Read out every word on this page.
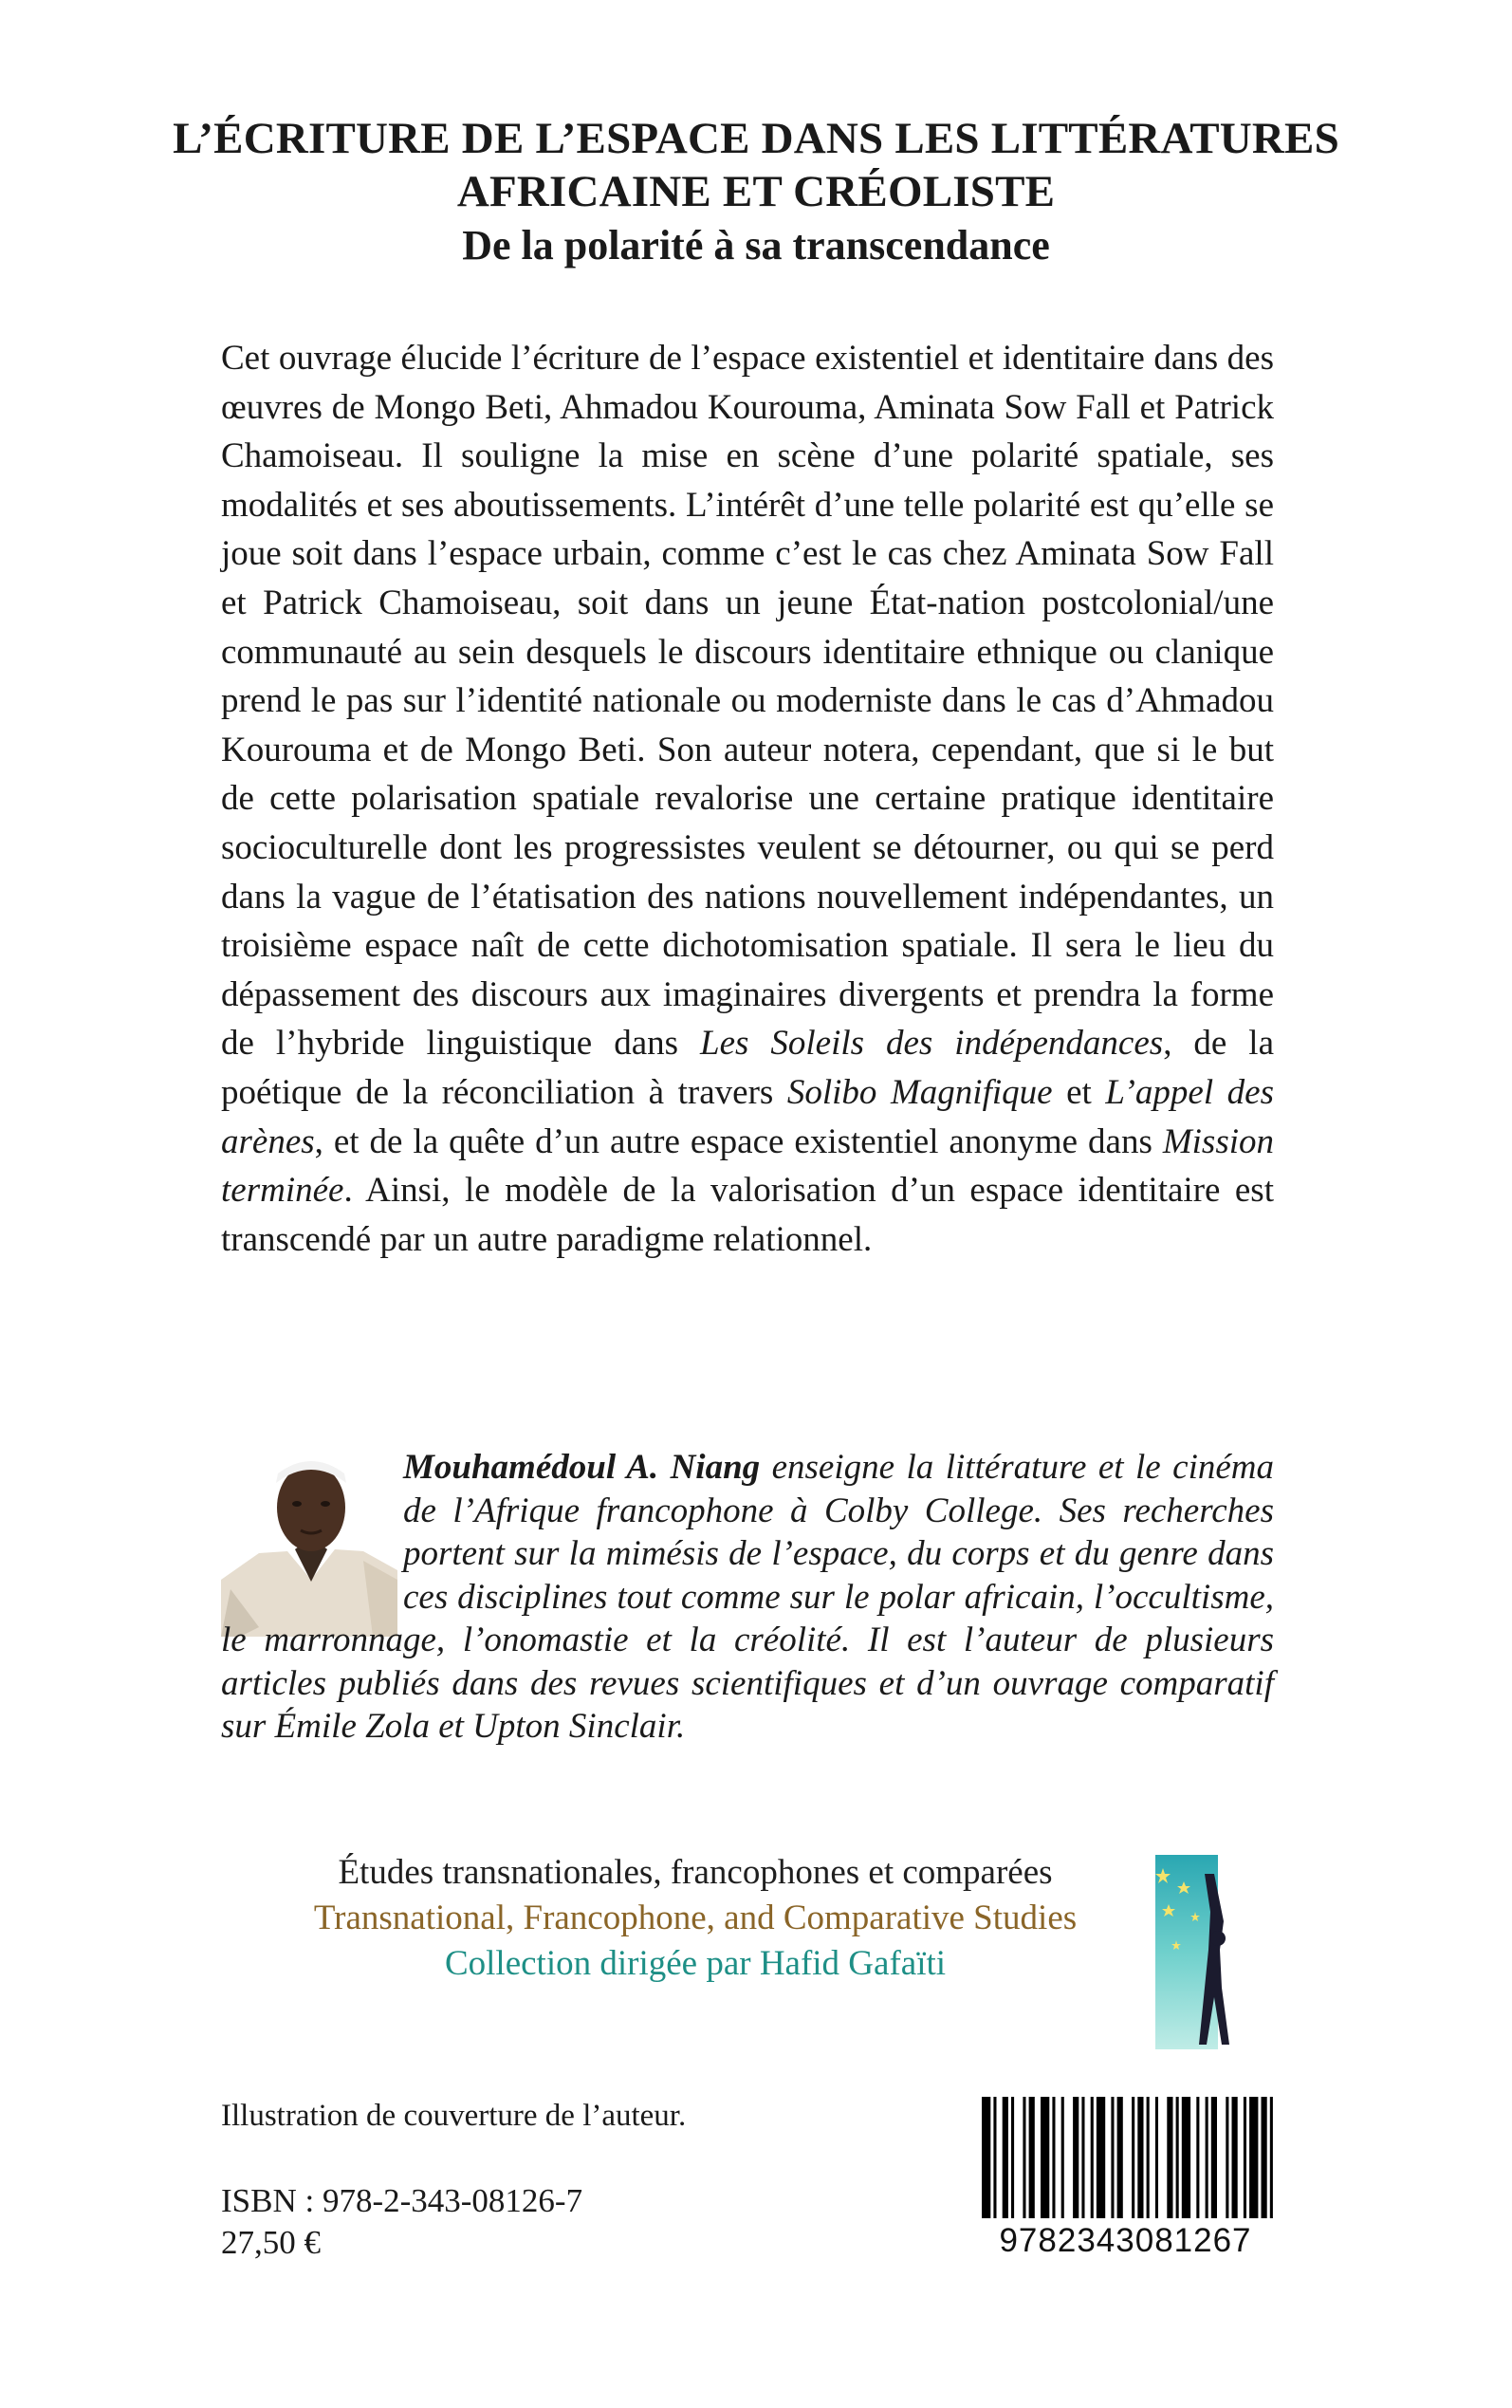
L’ÉCRITURE DE L’ESPACE DANS LES LITTÉRATURES
AFRICAINE ET CRÉOLISTE
De la polarité à sa transcendance

Cet ouvrage élucide l’écriture de l’espace existentiel et identitaire dans des œuvres de Mongo Beti, Ahmadou Kourouma, Aminata Sow Fall et Patrick Chamoiseau. Il souligne la mise en scène d’une polarité spatiale, ses modalités et ses aboutissements. L’intérêt d’une telle polarité est qu’elle se joue soit dans l’espace urbain, comme c’est le cas chez Aminata Sow Fall et Patrick Chamoiseau, soit dans un jeune État-nation postcolonial/une communauté au sein desquels le discours identitaire ethnique ou clanique prend le pas sur l’identité nationale ou moderniste dans le cas d’Ahmadou Kourouma et de Mongo Beti. Son auteur notera, cependant, que si le but de cette polarisation spatiale revalorise une certaine pratique identitaire socioculturelle dont les progressistes veulent se détourner, ou qui se perd dans la vague de l’étatisation des nations nouvellement indépendantes, un troisième espace naît de cette dichotomisation spatiale. Il sera le lieu du dépassement des discours aux imaginaires divergents et prendra la forme de l’hybride linguistique dans Les Soleils des indépendances, de la poétique de la réconciliation à travers Solibo Magnifique et L’appel des arènes, et de la quête d’un autre espace existentiel anonyme dans Mission terminée. Ainsi, le modèle de la valorisation d’un espace identitaire est transcendé par un autre paradigme relationnel.

Mouhamédoul A. Niang enseigne la littérature et le cinéma de l’Afrique francophone à Colby College. Ses recherches portent sur la mimésis de l’espace, du corps et du genre dans ces disciplines tout comme sur le polar africain, l’occultisme, le marronnage, l’onomastie et la créolité. Il est l’auteur de plusieurs articles publiés dans des revues scientifiques et d’un ouvrage comparatif sur Émile Zola et Upton Sinclair.

Études transnationales, francophones et comparées
Transnational, Francophone, and Comparative Studies
Collection dirigée par Hafid Gafaïti
Illustration de couverture de l’auteur.
ISBN : 978-2-343-08126-7
27,50 €	9782343081267
